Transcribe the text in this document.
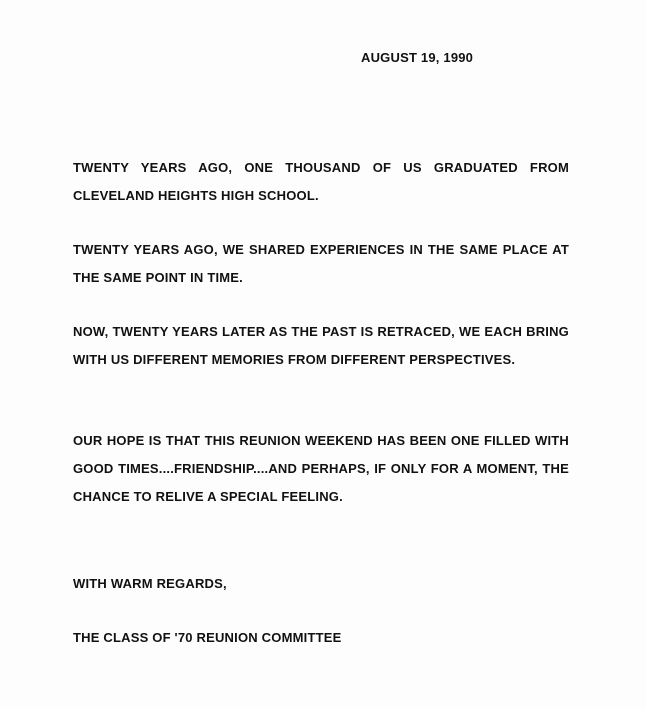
AUGUST 19, 1990
TWENTY YEARS AGO, ONE THOUSAND OF US GRADUATED FROM CLEVELAND HEIGHTS HIGH SCHOOL.
TWENTY YEARS AGO, WE SHARED EXPERIENCES IN THE SAME PLACE AT THE SAME POINT IN TIME.
NOW, TWENTY YEARS LATER AS THE PAST IS RETRACED, WE EACH BRING WITH US DIFFERENT MEMORIES FROM DIFFERENT PERSPECTIVES.
OUR HOPE IS THAT THIS REUNION WEEKEND HAS BEEN ONE FILLED WITH GOOD TIMES....FRIENDSHIP....AND PERHAPS, IF ONLY FOR A MOMENT, THE CHANCE TO RELIVE A SPECIAL FEELING.
WITH WARM REGARDS,
THE CLASS OF '70 REUNION COMMITTEE
